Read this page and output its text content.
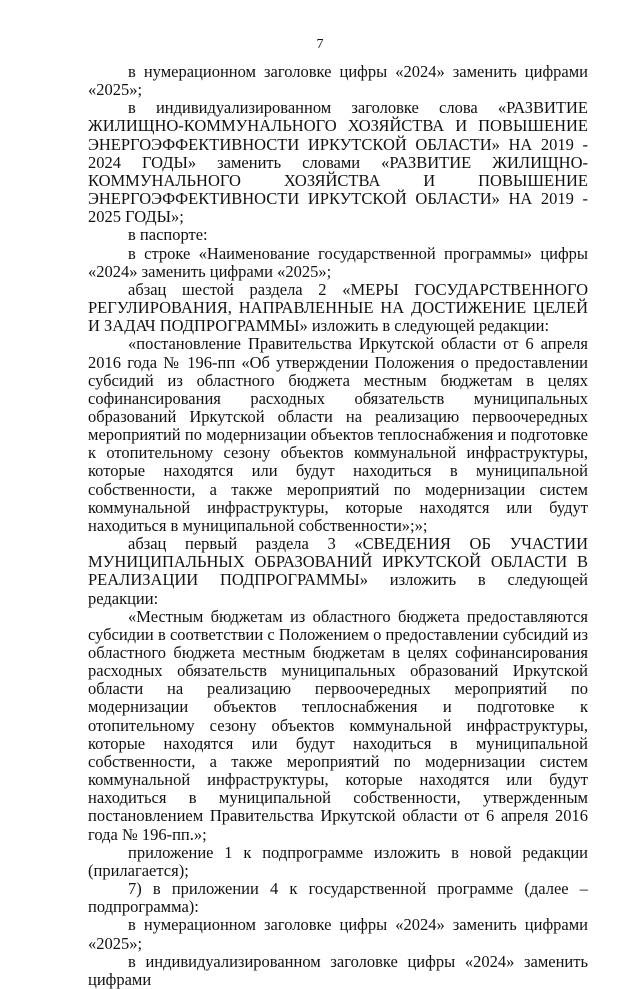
7

в нумерационном заголовке цифры «2024» заменить цифрами «2025»;

в индивидуализированном заголовке слова «РАЗВИТИЕ ЖИЛИЩНО-КОММУНАЛЬНОГО ХОЗЯЙСТВА И ПОВЫШЕНИЕ ЭНЕРГОЭФФЕКТИВНОСТИ ИРКУТСКОЙ ОБЛАСТИ» НА 2019 - 2024 ГОДЫ» заменить словами «РАЗВИТИЕ ЖИЛИЩНО-КОММУНАЛЬНОГО ХОЗЯЙСТВА И ПОВЫШЕНИЕ ЭНЕРГОЭФФЕКТИВНОСТИ ИРКУТСКОЙ ОБЛАСТИ» НА 2019 - 2025 ГОДЫ»;

в паспорте:

в строке «Наименование государственной программы» цифры «2024» заменить цифрами «2025»;

абзац шестой раздела 2 «МЕРЫ ГОСУДАРСТВЕННОГО РЕГУЛИРОВАНИЯ, НАПРАВЛЕННЫЕ НА ДОСТИЖЕНИЕ ЦЕЛЕЙ И ЗАДАЧ ПОДПРОГРАММЫ» изложить в следующей редакции:

«постановление Правительства Иркутской области от 6 апреля 2016 года № 196-пп «Об утверждении Положения о предоставлении субсидий из областного бюджета местным бюджетам в целях софинансирования расходных обязательств муниципальных образований Иркутской области на реализацию первоочередных мероприятий по модернизации объектов теплоснабжения и подготовке к отопительному сезону объектов коммунальной инфраструктуры, которые находятся или будут находиться в муниципальной собственности, а также мероприятий по модернизации систем коммунальной инфраструктуры, которые находятся или будут находиться в муниципальной собственности»;»;

абзац первый раздела 3 «СВЕДЕНИЯ ОБ УЧАСТИИ МУНИЦИПАЛЬНЫХ ОБРАЗОВАНИЙ ИРКУТСКОЙ ОБЛАСТИ В РЕАЛИЗАЦИИ ПОДПРОГРАММЫ» изложить в следующей редакции:

«Местным бюджетам из областного бюджета предоставляются субсидии в соответствии с Положением о предоставлении субсидий из областного бюджета местным бюджетам в целях софинансирования расходных обязательств муниципальных образований Иркутской области на реализацию первоочередных мероприятий по модернизации объектов теплоснабжения и подготовке к отопительному сезону объектов коммунальной инфраструктуры, которые находятся или будут находиться в муниципальной собственности, а также мероприятий по модернизации систем коммунальной инфраструктуры, которые находятся или будут находиться в муниципальной собственности, утвержденным постановлением Правительства Иркутской области от 6 апреля 2016 года № 196-пп.»;

приложение 1 к подпрограмме изложить в новой редакции (прилагается);

7) в приложении 4 к государственной программе (далее – подпрограмма):

в нумерационном заголовке цифры «2024» заменить цифрами «2025»;

в индивидуализированном заголовке цифры «2024» заменить цифрами
